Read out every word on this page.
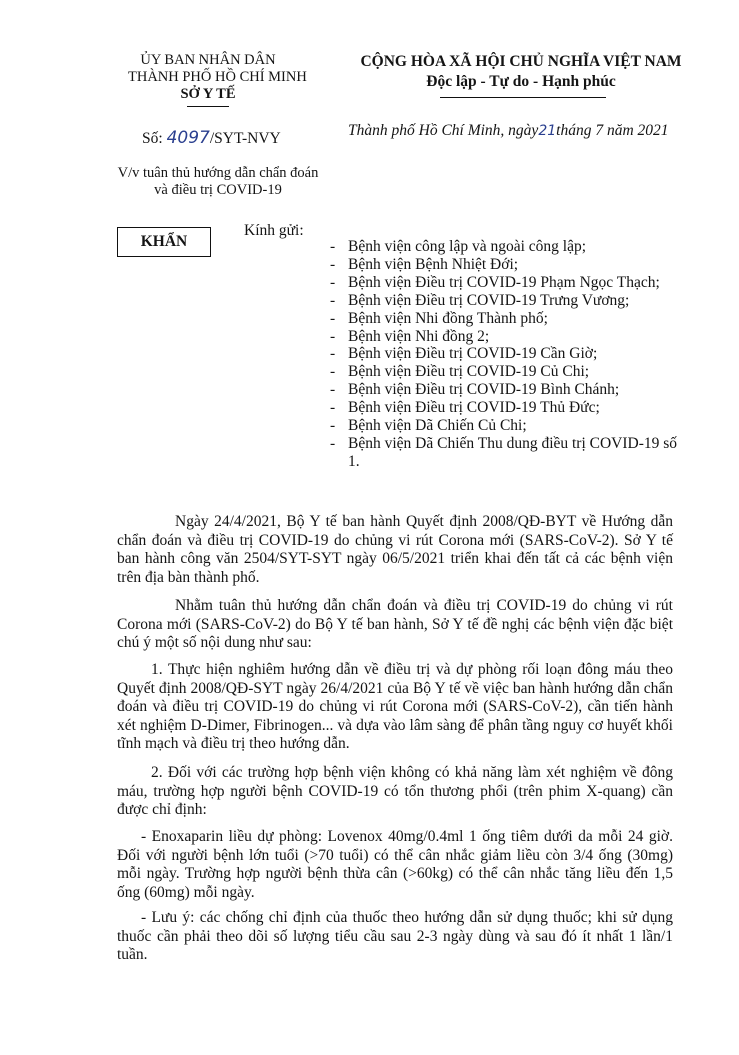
ỦY BAN NHÂN DÂN
THÀNH PHỐ HỒ CHÍ MINH
SỞ Y TẾ
Số: 4097/SYT-NVY
V/v tuân thủ hướng dẫn chẩn đoán
và điều trị COVID-19
CỘNG HÒA XÃ HỘI CHỦ NGHĨA VIỆT NAM
Độc lập - Tự do - Hạnh phúc
Thành phố Hồ Chí Minh, ngày21tháng 7 năm 2021
KHẨN
Kính gửi:
- Bệnh viện công lập và ngoài công lập;
- Bệnh viện Bệnh Nhiệt Đới;
- Bệnh viện Điều trị COVID-19 Phạm Ngọc Thạch;
- Bệnh viện Điều trị COVID-19 Trưng Vương;
- Bệnh viện Nhi đồng Thành phố;
- Bệnh viện Nhi đồng 2;
- Bệnh viện Điều trị COVID-19 Cần Giờ;
- Bệnh viện Điều trị COVID-19 Củ Chi;
- Bệnh viện Điều trị COVID-19 Bình Chánh;
- Bệnh viện Điều trị COVID-19 Thủ Đức;
- Bệnh viện Dã Chiến Củ Chi;
- Bệnh viện Dã Chiến Thu dung điều trị COVID-19 số 1.

Ngày 24/4/2021, Bộ Y tế ban hành Quyết định 2008/QĐ-BYT về Hướng dẫn chẩn đoán và điều trị COVID-19 do chủng vi rút Corona mới (SARS-CoV-2). Sở Y tế ban hành công văn 2504/SYT-SYT ngày 06/5/2021 triển khai đến tất cả các bệnh viện trên địa bàn thành phố.

Nhằm tuân thủ hướng dẫn chẩn đoán và điều trị COVID-19 do chủng vi rút Corona mới (SARS-CoV-2) do Bộ Y tế ban hành, Sở Y tế đề nghị các bệnh viện đặc biệt chú ý một số nội dung như sau:

1. Thực hiện nghiêm hướng dẫn về điều trị và dự phòng rối loạn đông máu theo Quyết định 2008/QĐ-SYT ngày 26/4/2021 của Bộ Y tế về việc ban hành hướng dẫn chẩn đoán và điều trị COVID-19 do chủng vi rút Corona mới (SARS-CoV-2), cần tiến hành xét nghiệm D-Dimer, Fibrinogen... và dựa vào lâm sàng để phân tầng nguy cơ huyết khối tĩnh mạch và điều trị theo hướng dẫn.

2. Đối với các trường hợp bệnh viện không có khả năng làm xét nghiệm về đông máu, trường hợp người bệnh COVID-19 có tổn thương phổi (trên phim X-quang) cần được chỉ định:

- Enoxaparin liều dự phòng: Lovenox 40mg/0.4ml 1 ống tiêm dưới da mỗi 24 giờ. Đối với người bệnh lớn tuổi (>70 tuổi) có thể cân nhắc giảm liều còn 3/4 ống (30mg) mỗi ngày. Trường hợp người bệnh thừa cân (>60kg) có thể cân nhắc tăng liều đến 1,5 ống (60mg) mỗi ngày.

- Lưu ý: các chống chỉ định của thuốc theo hướng dẫn sử dụng thuốc; khi sử dụng thuốc cần phải theo dõi số lượng tiểu cầu sau 2-3 ngày dùng và sau đó ít nhất 1 lần/1 tuần.
